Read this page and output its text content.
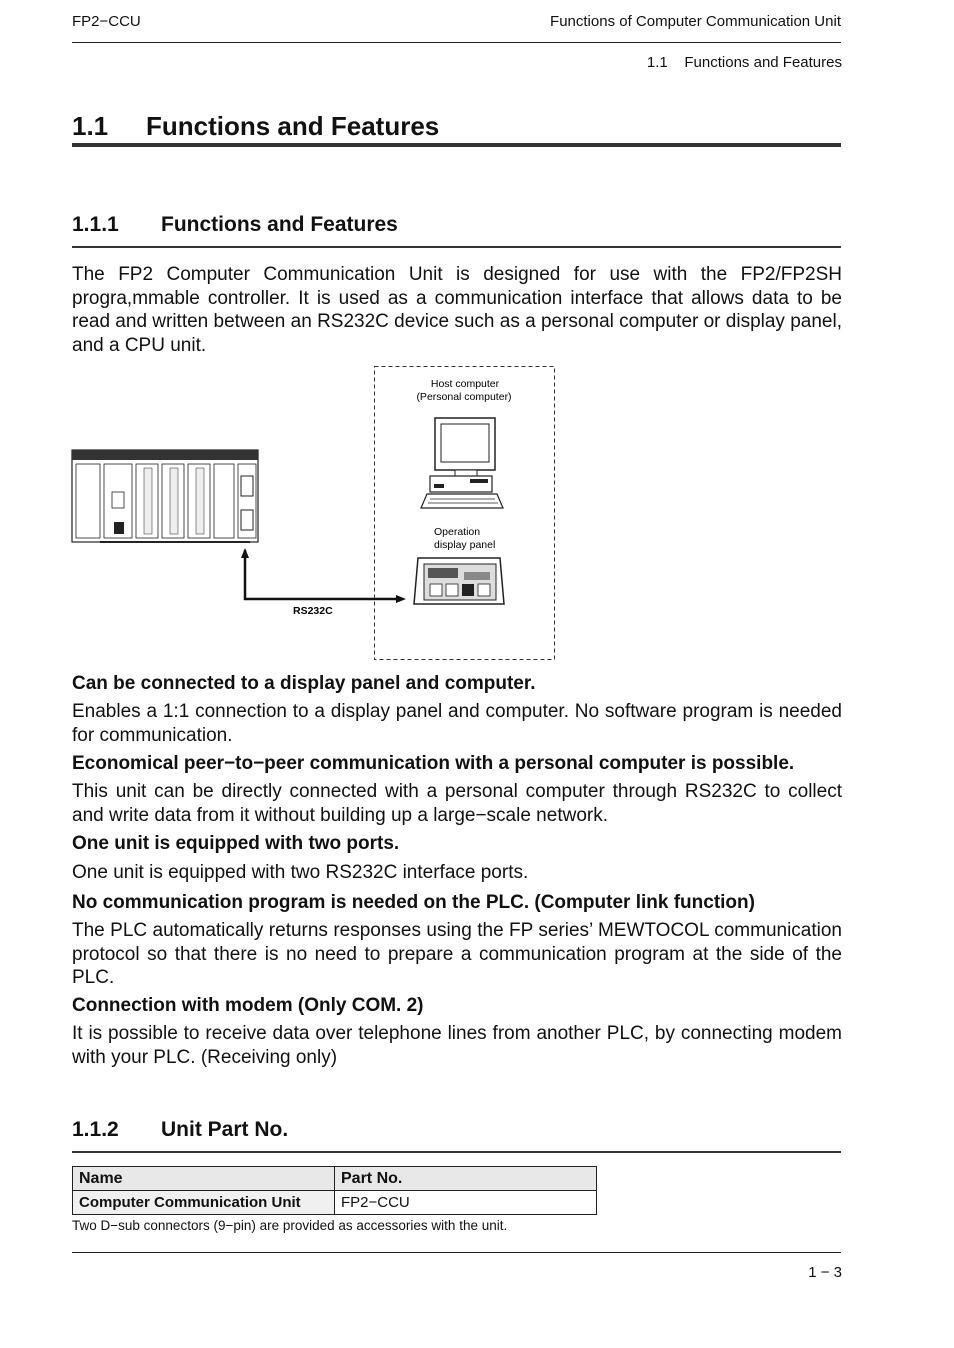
FP2−CCU	Functions of Computer Communication Unit
1.1    Functions and Features
1.1 Functions and Features
1.1.1 Functions and Features
The FP2 Computer Communication Unit is designed for use with the FP2/FP2SH progra,mmable controller. It is used as a communication interface that allows data to be read and written between an RS232C device such as a personal computer or display panel, and a CPU unit.
Host computer
(Personal computer)
Operation
display panel
RS232C
Can be connected to a display panel and computer.
Enables a 1:1 connection to a display panel and computer. No software program is needed for communication.
Economical peer−to−peer communication with a personal computer is possible.
This unit can be directly connected with a personal computer through RS232C to collect and write data from it without building up a large−scale network.
One unit is equipped with two ports.
One unit is equipped with two RS232C interface ports.
No communication program is needed on the PLC. (Computer link function)
The PLC automatically returns responses using the FP series’ MEWTOCOL communication protocol so that there is no need to prepare a communication program at the side of the PLC.
Connection with modem (Only COM. 2)
It is possible to receive data over telephone lines from another PLC, by connecting modem with your PLC. (Receiving only)
1.1.2 Unit Part No.
Name	Part No.
Computer Communication Unit	FP2−CCU
Two D−sub connectors (9−pin) are provided as accessories with the unit.
1 − 3
